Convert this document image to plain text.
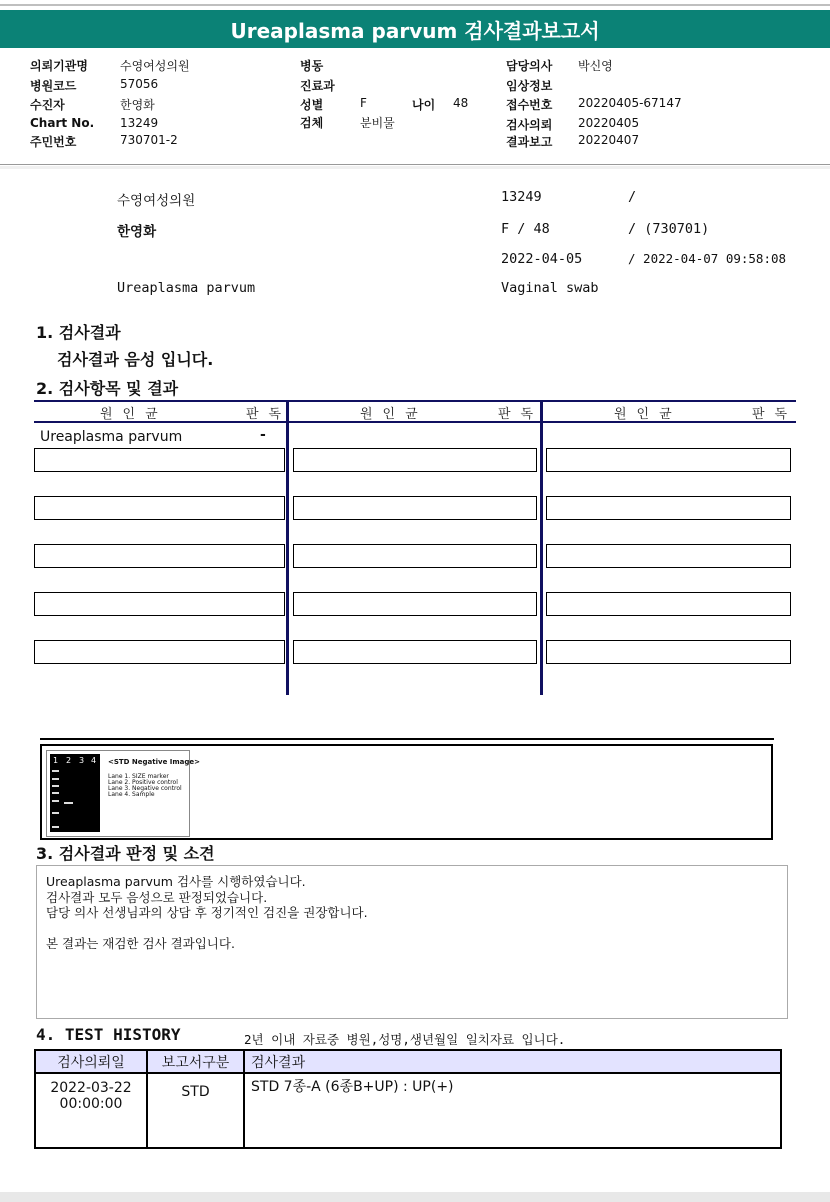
Ureaplasma parvum 검사결과보고서
의뢰기관명	수영여성의원
병원코드	57056
수진자	한영화
Chart No. 13249
주민번호	730701-2
병동
진료과
성별	F	나이 48
검체	분비물
담당의사 박신영
임상정보
접수번호 20220405-67147
검사의뢰 20220405
결과보고 20220407
수영여성의원
한영화
Ureaplasma parvum
13249	/
F / 48	/ (730701)
2022-04-05	/ 2022-04-07 09:58:08
Vaginal swab
1. 검사결과
검사결과 음성 입니다.
2. 검사항목 및 결과
원인균	판독	원인균	판독	원인균	판독
Ureaplasma parvum	-
1 2 3 4 <STD Negative Image>
Lane 1. SIZE marker
Lane 2. Positive control
Lane 3. Negative control
Lane 4. Sample
3. 검사결과 판정 및 소견
Ureaplasma parvum 검사를 시행하였습니다.
검사결과 모두 음성으로 판정되었습니다.
담당 의사 선생님과의 상담 후 정기적인 검진을 권장합니다.
본 결과는 재검한 검사 결과입니다.
4. TEST HISTORY	2년 이내 자료중 병원,성명,생년월일 일치자료 입니다.
검사의뢰일	보고서구분	검사결과

2022-03-22
00:00:00	STD	STD 7종-A (6종B+UP) : UP(+)
